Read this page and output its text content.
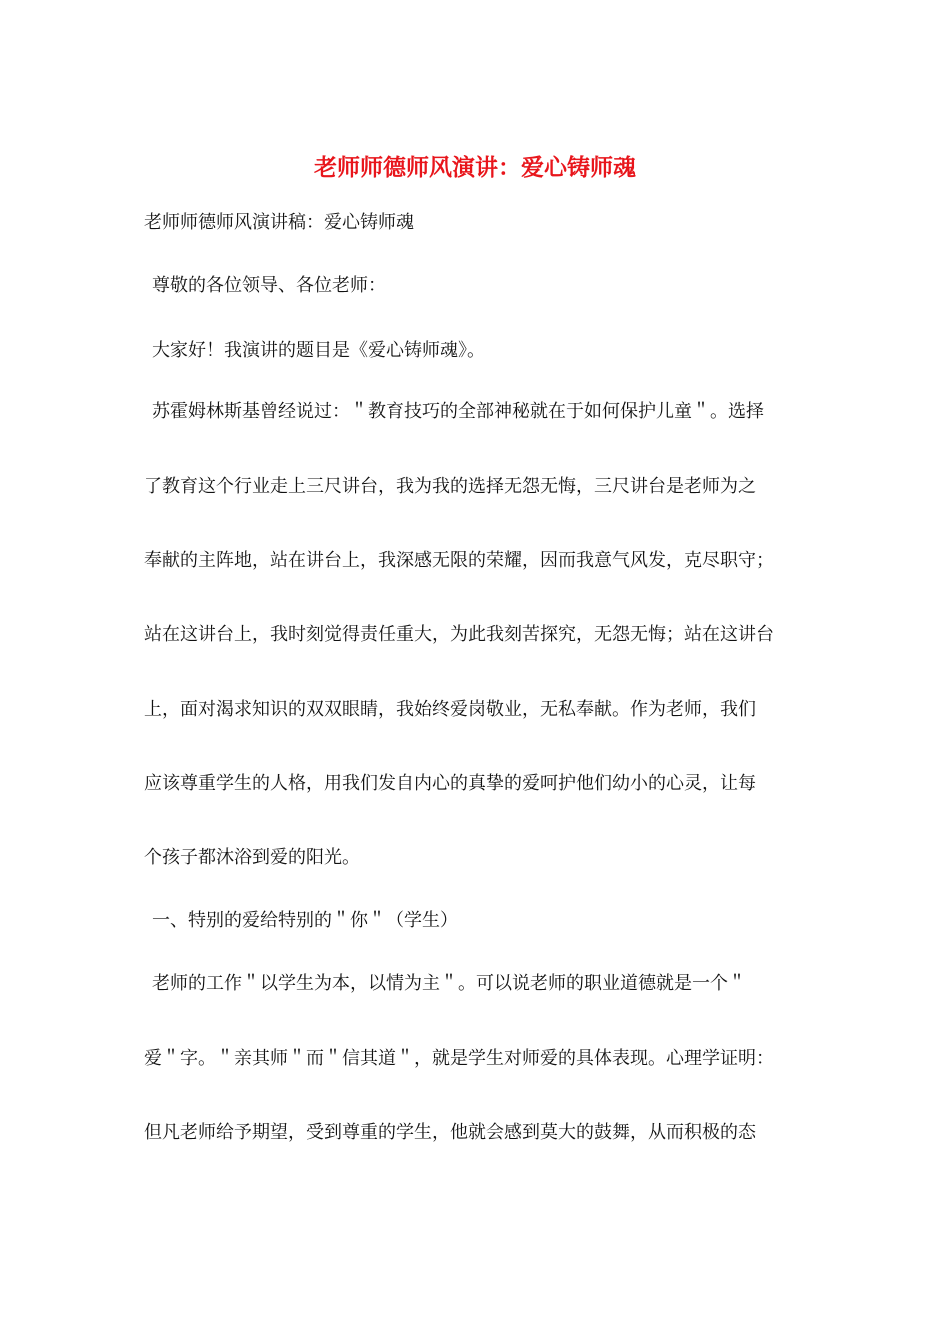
老师师德师风演讲：爱心铸师魂
老师师德师风演讲稿：爱心铸师魂
尊敬的各位领导、各位老师：
大家好！我演讲的题目是《爱心铸师魂》。
苏霍姆林斯基曾经说过：＂教育技巧的全部神秘就在于如何保护儿童＂。选择
了教育这个行业走上三尺讲台，我为我的选择无怨无悔，三尺讲台是老师为之
奉献的主阵地，站在讲台上，我深感无限的荣耀，因而我意气风发，克尽职守；
站在这讲台上，我时刻觉得责任重大，为此我刻苦探究，无怨无悔；站在这讲台
上，面对渴求知识的双双眼睛，我始终爱岗敬业，无私奉献。作为老师，我们
应该尊重学生的人格，用我们发自内心的真挚的爱呵护他们幼小的心灵，让每
个孩子都沐浴到爱的阳光。
一、特别的爱给特别的＂你＂（学生）
老师的工作＂以学生为本，以情为主＂。可以说老师的职业道德就是一个＂
爱＂字。＂亲其师＂而＂信其道＂，就是学生对师爱的具体表现。心理学证明：
但凡老师给予期望，受到尊重的学生，他就会感到莫大的鼓舞，从而积极的态
